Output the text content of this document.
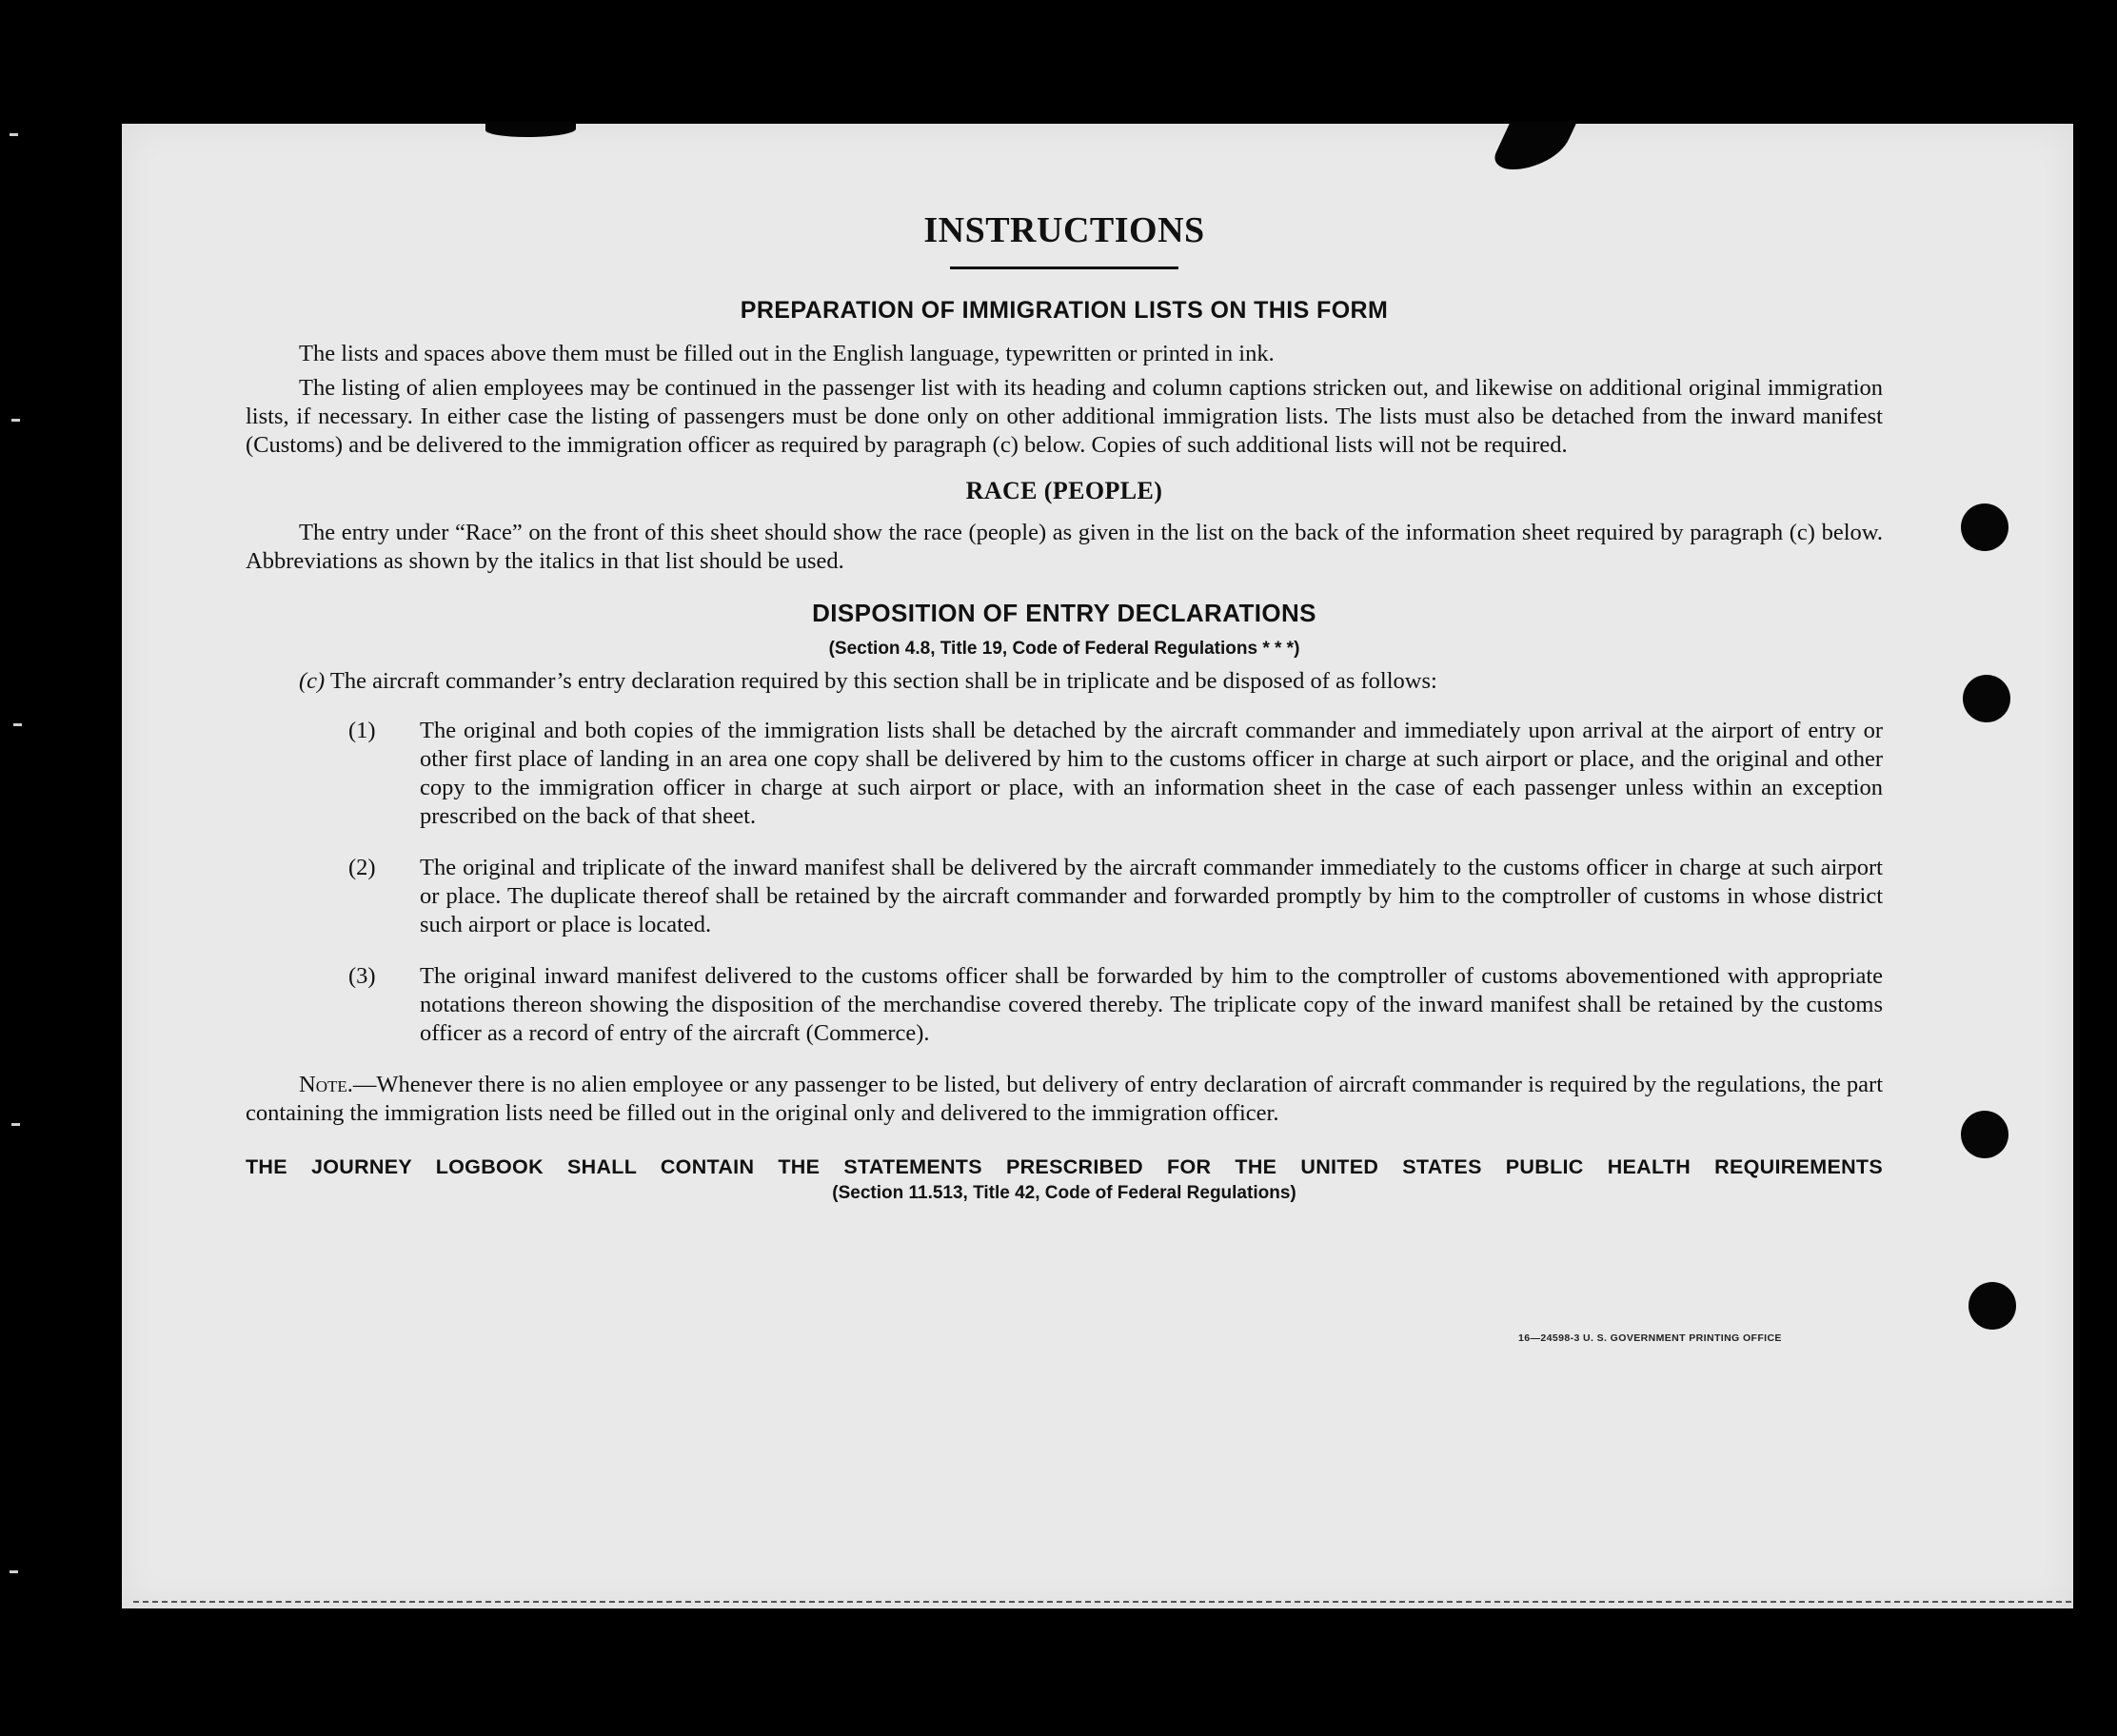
INSTRUCTIONS
PREPARATION OF IMMIGRATION LISTS ON THIS FORM

The lists and spaces above them must be filled out in the English language, typewritten or printed in ink.

The listing of alien employees may be continued in the passenger list with its heading and column captions stricken out, and likewise on additional original immigration lists, if necessary. In either case the listing of passengers must be done only on other additional immigration lists. The lists must also be detached from the inward manifest (Customs) and be delivered to the immigration officer as required by paragraph (c) below. Copies of such additional lists will not be required.

RACE (PEOPLE)

The entry under “Race” on the front of this sheet should show the race (people) as given in the list on the back of the information sheet required by paragraph (c) below. Abbreviations as shown by the italics in that list should be used.

DISPOSITION OF ENTRY DECLARATIONS
(Section 4.8, Title 19, Code of Federal Regulations * * *)
(c) The aircraft commander’s entry declaration required by this section shall be in triplicate and be disposed of as follows:
(1) The original and both copies of the immigration lists shall be detached by the aircraft commander and immediately upon arrival at the airport of entry or other first place of landing in an area one copy shall be delivered by him to the customs officer in charge at such airport or place, and the original and other copy to the immigration officer in charge at such airport or place, with an information sheet in the case of each passenger unless within an exception prescribed on the back of that sheet.
(2) The original and triplicate of the inward manifest shall be delivered by the aircraft commander immediately to the customs officer in charge at such airport or place. The duplicate thereof shall be retained by the aircraft commander and forwarded promptly by him to the comptroller of customs in whose district such airport or place is located.
(3) The original inward manifest delivered to the customs officer shall be forwarded by him to the comptroller of customs abovementioned with appropriate notations thereon showing the disposition of the merchandise covered thereby. The triplicate copy of the inward manifest shall be retained by the customs officer as a record of entry of the aircraft (Commerce).

Note.—Whenever there is no alien employee or any passenger to be listed, but delivery of entry declaration of aircraft commander is required by the regulations, the part containing the immigration lists need be filled out in the original only and delivered to the immigration officer.

THE JOURNEY LOGBOOK SHALL CONTAIN THE STATEMENTS PRESCRIBED FOR THE UNITED STATES PUBLIC HEALTH REQUIREMENTS
(Section 11.513, Title 42, Code of Federal Regulations)
16—24598-3 U. S. GOVERNMENT PRINTING OFFICE
